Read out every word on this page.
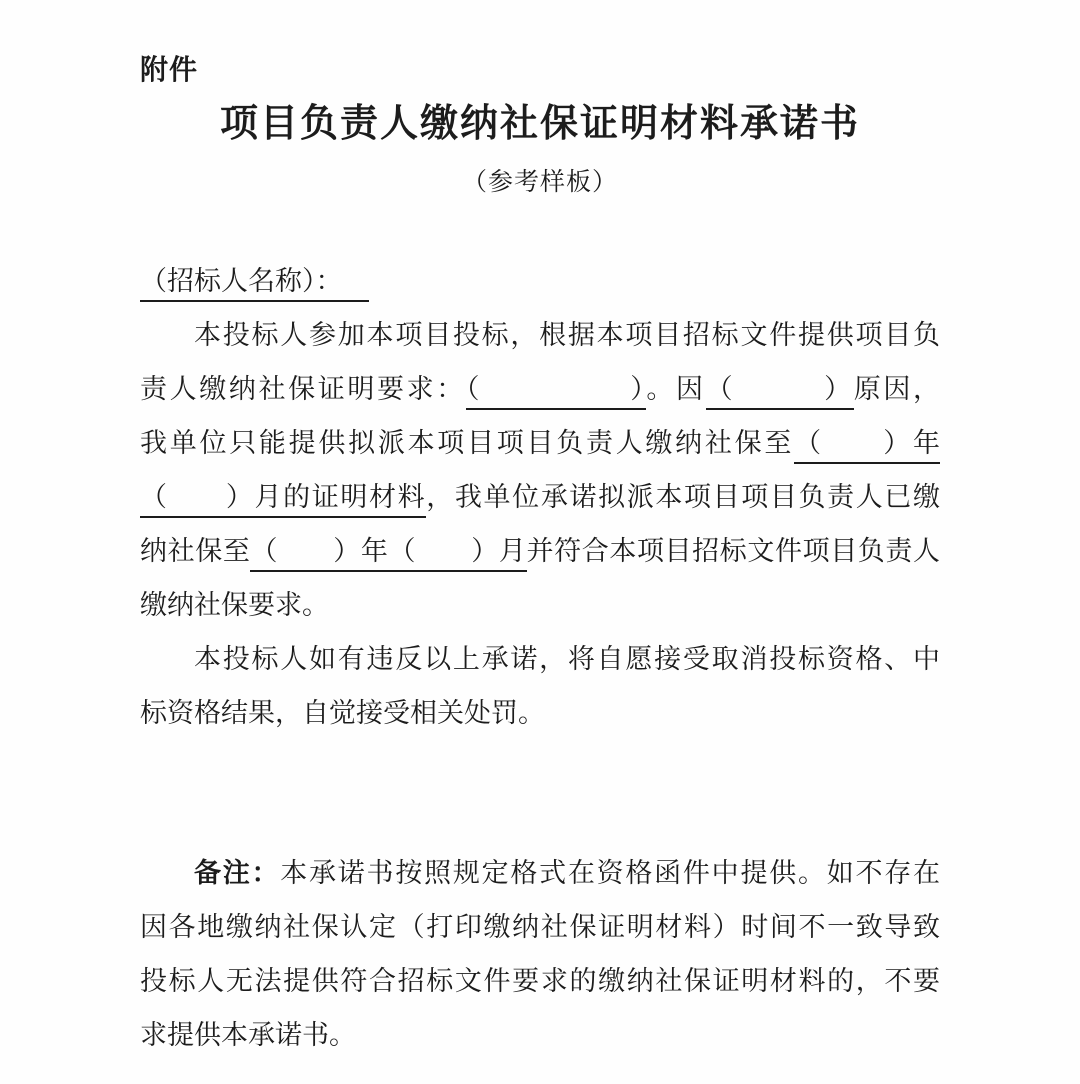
附件
项目负责人缴纳社保证明材料承诺书
（参考样板）
（招标人名称）：
本投标人参加本项目投标，根据本项目招标文件提供项目负
责人缴纳社保证明要求：（　　　　　）。因（　　　）原因，
我单位只能提供拟派本项目项目负责人缴纳社保至（　　）年
（　　）月的证明材料，我单位承诺拟派本项目项目负责人已缴
纳社保至（　　）年（　　）月并符合本项目招标文件项目负责人
缴纳社保要求。
本投标人如有违反以上承诺，将自愿接受取消投标资格、中
标资格结果，自觉接受相关处罚。
备注：本承诺书按照规定格式在资格函件中提供。如不存在
因各地缴纳社保认定（打印缴纳社保证明材料）时间不一致导致
投标人无法提供符合招标文件要求的缴纳社保证明材料的，不要
求提供本承诺书。
